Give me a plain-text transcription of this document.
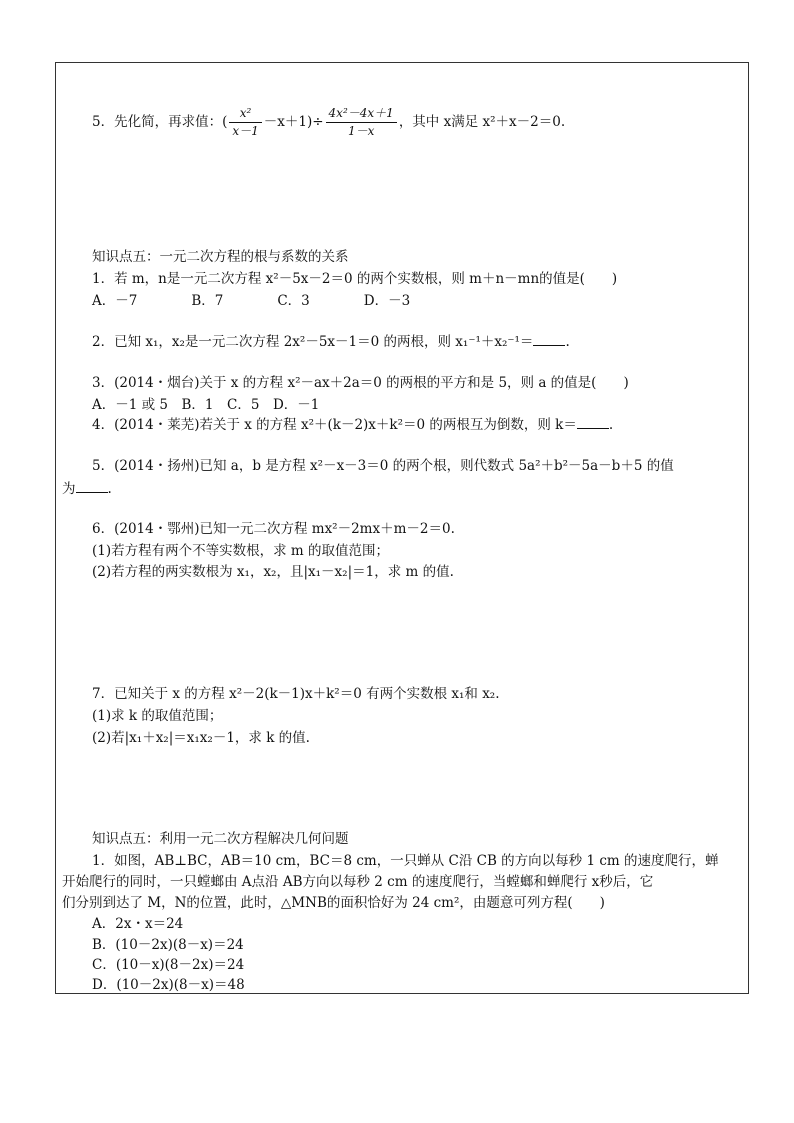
5．先化简，再求值：( $\frac{\text{x²}}{x-1} -x+1)\div \frac{\text{4x²－4x＋1}}{1-x}$ ，其中 x满足 x²＋x－2＝0.
知识点五：一元二次方程的根与系数的关系
1．若 m，n是一元二次方程 x²－5x－2＝0 的两个实数根，则 m＋n－mn的值是(　　)
A．－7　　　　B．7　　　　C．3　　　　D．－3
2．已知 x₁，x₂是一元二次方程 2x²－5x－1＝0 的两根，则 x₁⁻¹＋x₂⁻¹＝ .
3．(2014・烟台)关于 x 的方程 x²－ax＋2a＝0 的两根的平方和是 5，则 a 的值是(　　)
A．－1 或 5　B．1　C．5　D．－1
4．(2014・莱芜)若关于 x 的方程 x²＋(k－2)x＋k²＝0 的两根互为倒数，则 k＝ .
5．(2014・扬州)已知 a，b 是方程 x²－x－3＝0 的两个根，则代数式 5a²＋b²－5a－b＋5 的值
为 .
6．(2014・鄂州)已知一元二次方程 mx²－2mx＋m－2＝0.
(1)若方程有两个不等实数根，求 m 的取值范围；
(2)若方程的两实数根为 x₁，x₂，且|x₁－x₂|＝1，求 m 的值.
7．已知关于 x 的方程 x²－2(k－1)x＋k²＝0 有两个实数根 x₁和 x₂.
(1)求 k 的取值范围；
(2)若|x₁＋x₂|＝x₁x₂－1，求 k 的值.
知识点五：利用一元二次方程解决几何问题
1．如图，AB⊥BC，AB＝10 cm，BC＝8 cm，一只蝉从 C沿 CB 的方向以每秒 1 cm 的速度爬行，蝉
开始爬行的同时，一只螳螂由 A点沿 AB方向以每秒 2 cm 的速度爬行，当螳螂和蝉爬行 x秒后，它
们分别到达了 M，N的位置，此时，△MNB的面积恰好为 24 cm²，由题意可列方程(　　)
A．2x・x＝24
B．(10－2x)(8－x)＝24
C．(10－x)(8－2x)＝24
D．(10－2x)(8－x)＝48
